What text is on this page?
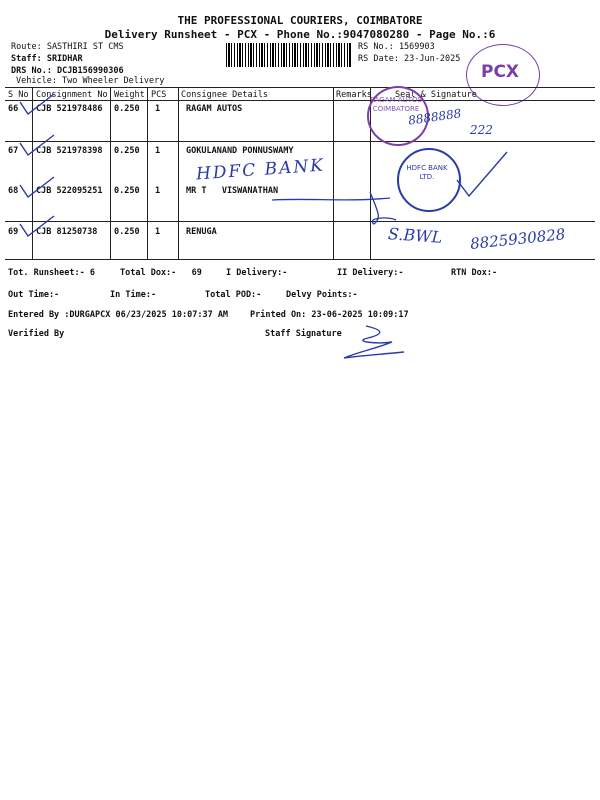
THE PROFESSIONAL COURIERS, COIMBATORE
Delivery Runsheet - PCX - Phone No.:9047080280 - Page No.:6
Route: SASTHIRI ST CMS
Staff: SRIDHAR
DRS No.: DCJB156990306
Vehicle: Two Wheeler Delivery
RS No.: 1569903
RS Date: 23-Jun-2025
PCX
S No Consignment No Weight PCS Consignee Details	Remarks	Seal & Signature
66 CJB 521978486 0.250 1	RAGAM AUTOS
67 CJB 521978398 0.250 1	GOKULANAND PONNUSWAMY
68 CJB 522095251 0.250 1	MR T   VISWANATHAN
69 CJB 81250738 0.250 1	RENUGA
Tot. Runsheet:- 6	Total Dox:-   69	I Delivery:-	II Delivery:-	RTN Dox:-
Out Time:-	In Time:-	Total POD:-	Delvy Points:-
Entered By :DURGAPCX 06/23/2025 10:07:37 AM	Printed On: 23-06-2025 10:09:17
Verified By	Staff Signature
RAGAM AUTOS COIMBATORE
8888888
222
HDFC BANK LTD.
HDFC BANK
S.BWL 8825930828
